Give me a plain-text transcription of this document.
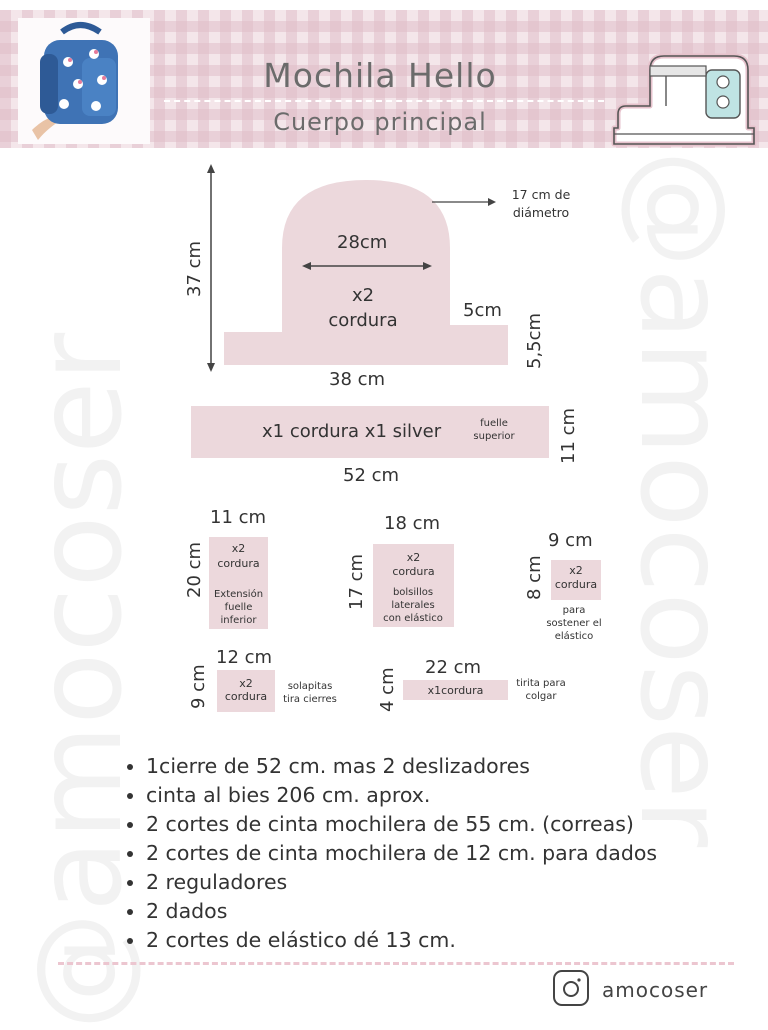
@amocoser	@amocoser
Mochila Hello
Cuerpo principal
37 cm
17 cm de diámetro
28cm
x2
cordura	5cm
5,5cm
38 cm
x1 cordura x1 silver	fuelle superior
52 cm
11 cm
11 cm
20 cm	x2
cordura
Extensión fuelle inferior
18 cm
17 cm	x2
cordura
bolsillos laterales con elástico
9 cm
8 cm	x2
cordura
para sostener el elástico
12 cm
9 cm	x2
cordura
solapitas tira cierres
22 cm
4 cm	x1cordura
tirita para colgar
• 1cierre de 52 cm. mas 2 deslizadores
• cinta al bies 206 cm. aprox.
• 2 cortes de cinta mochilera de 55 cm. (correas)
• 2 cortes de cinta mochilera de 12 cm. para dados
• 2 reguladores
• 2 dados
• 2 cortes de elástico dé 13 cm.
amocoser
